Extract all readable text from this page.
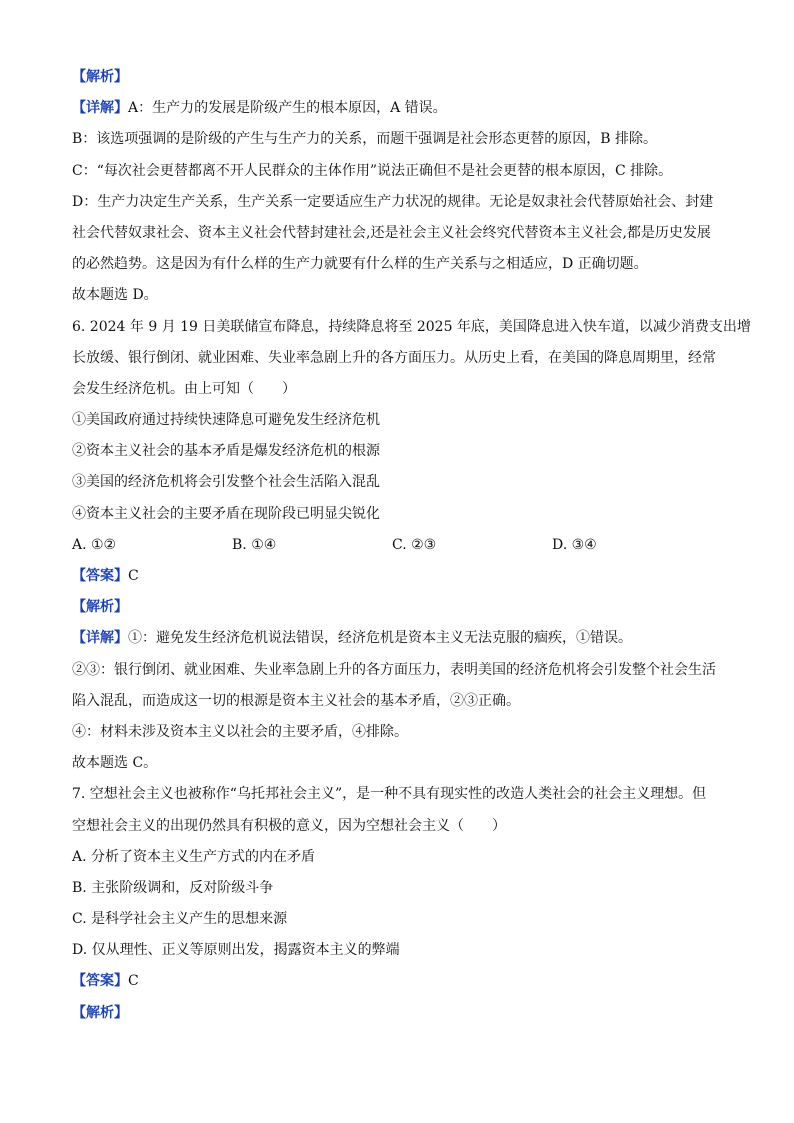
【解析】

【详解】A：生产力的发展是阶级产生的根本原因，A 错误。

B：该选项强调的是阶级的产生与生产力的关系，而题干强调是社会形态更替的原因，B 排除。

C：“每次社会更替都离不开人民群众的主体作用”说法正确但不是社会更替的根本原因，C 排除。

D：生产力决定生产关系，生产关系一定要适应生产力状况的规律。无论是奴隶社会代替原始社会、封建

社会代替奴隶社会、资本主义社会代替封建社会,还是社会主义社会终究代替资本主义社会,都是历史发展

的必然趋势。这是因为有什么样的生产力就要有什么样的生产关系与之相适应，D 正确切题。

故本题选 D。

6. 2024 年 9 月 19 日美联储宣布降息，持续降息将至 2025 年底，美国降息进入快车道，以减少消费支出增

长放缓、银行倒闭、就业困难、失业率急剧上升的各方面压力。从历史上看，在美国的降息周期里，经常

会发生经济危机。由上可知（　　）

①美国政府通过持续快速降息可避免发生经济危机

②资本主义社会的基本矛盾是爆发经济危机的根源

③美国的经济危机将会引发整个社会生活陷入混乱

④资本主义社会的主要矛盾在现阶段已明显尖锐化

A. ①②	B. ①④	C. ②③	D. ③④

【答案】C

【解析】

【详解】①：避免发生经济危机说法错误，经济危机是资本主义无法克服的痼疾，①错误。

②③：银行倒闭、就业困难、失业率急剧上升的各方面压力，表明美国的经济危机将会引发整个社会生活

陷入混乱，而造成这一切的根源是资本主义社会的基本矛盾，②③正确。

④：材料未涉及资本主义以社会的主要矛盾，④排除。

故本题选 C。

7. 空想社会主义也被称作“乌托邦社会主义”，是一种不具有现实性的改造人类社会的社会主义理想。但

空想社会主义的出现仍然具有积极的意义，因为空想社会主义（　　）

A. 分析了资本主义生产方式的内在矛盾

B. 主张阶级调和，反对阶级斗争

C. 是科学社会主义产生的思想来源

D. 仅从理性、正义等原则出发，揭露资本主义的弊端

【答案】C

【解析】
